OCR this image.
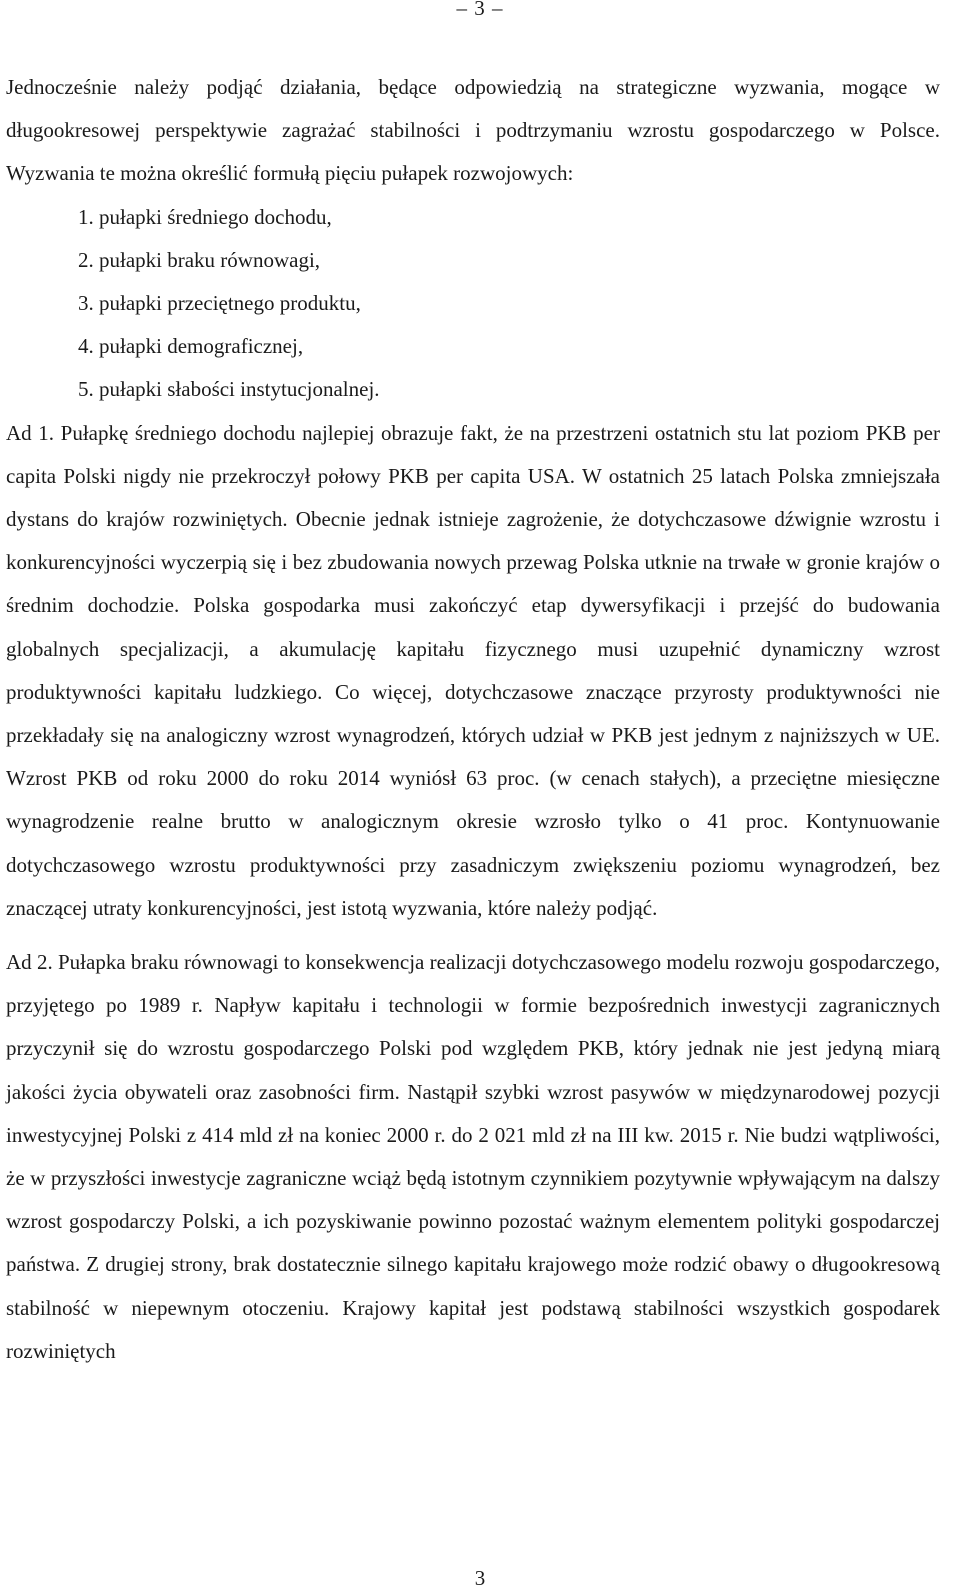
– 3 –

Jednocześnie należy podjąć działania, będące odpowiedzią na strategiczne wyzwania, mogące w długookresowej perspektywie zagrażać stabilności i podtrzymaniu wzrostu gospodarczego w Polsce. Wyzwania te można określić formułą pięciu pułapek rozwojowych:

1. pułapki średniego dochodu,
2. pułapki braku równowagi,
3. pułapki przeciętnego produktu,
4. pułapki demograficznej,
5. pułapki słabości instytucjonalnej.

Ad 1. Pułapkę średniego dochodu najlepiej obrazuje fakt, że na przestrzeni ostatnich stu lat poziom PKB per capita Polski nigdy nie przekroczył połowy PKB per capita USA. W ostatnich 25 latach Polska zmniejszała dystans do krajów rozwiniętych. Obecnie jednak istnieje zagrożenie, że dotychczasowe dźwignie wzrostu i konkurencyjności wyczerpią się i bez zbudowania nowych przewag Polska utknie na trwałe w gronie krajów o średnim dochodzie. Polska gospodarka musi zakończyć etap dywersyfikacji i przejść do budowania globalnych specjalizacji, a akumulację kapitału fizycznego musi uzupełnić dynamiczny wzrost produktywności kapitału ludzkiego. Co więcej, dotychczasowe znaczące przyrosty produktywności nie przekładały się na analogiczny wzrost wynagrodzeń, których udział w PKB jest jednym z najniższych w UE. Wzrost PKB od roku 2000 do roku 2014 wyniósł 63 proc. (w cenach stałych), a przeciętne miesięczne wynagrodzenie realne brutto w analogicznym okresie wzrosło tylko o 41 proc. Kontynuowanie dotychczasowego wzrostu produktywności przy zasadniczym zwiększeniu poziomu wynagrodzeń, bez znaczącej utraty konkurencyjności, jest istotą wyzwania, które należy podjąć.

Ad 2. Pułapka braku równowagi to konsekwencja realizacji dotychczasowego modelu rozwoju gospodarczego, przyjętego po 1989 r. Napływ kapitału i technologii w formie bezpośrednich inwestycji zagranicznych przyczynił się do wzrostu gospodarczego Polski pod względem PKB, który jednak nie jest jedyną miarą jakości życia obywateli oraz zasobności firm. Nastąpił szybki wzrost pasywów w międzynarodowej pozycji inwestycyjnej Polski z 414 mld zł na koniec 2000 r. do 2 021 mld zł na III kw. 2015 r. Nie budzi wątpliwości, że w przyszłości inwestycje zagraniczne wciąż będą istotnym czynnikiem pozytywnie wpływającym na dalszy wzrost gospodarczy Polski, a ich pozyskiwanie powinno pozostać ważnym elementem polityki gospodarczej państwa. Z drugiej strony, brak dostatecznie silnego kapitału krajowego może rodzić obawy o długookresową stabilność w niepewnym otoczeniu. Krajowy kapitał jest podstawą stabilności wszystkich gospodarek rozwiniętych

3
